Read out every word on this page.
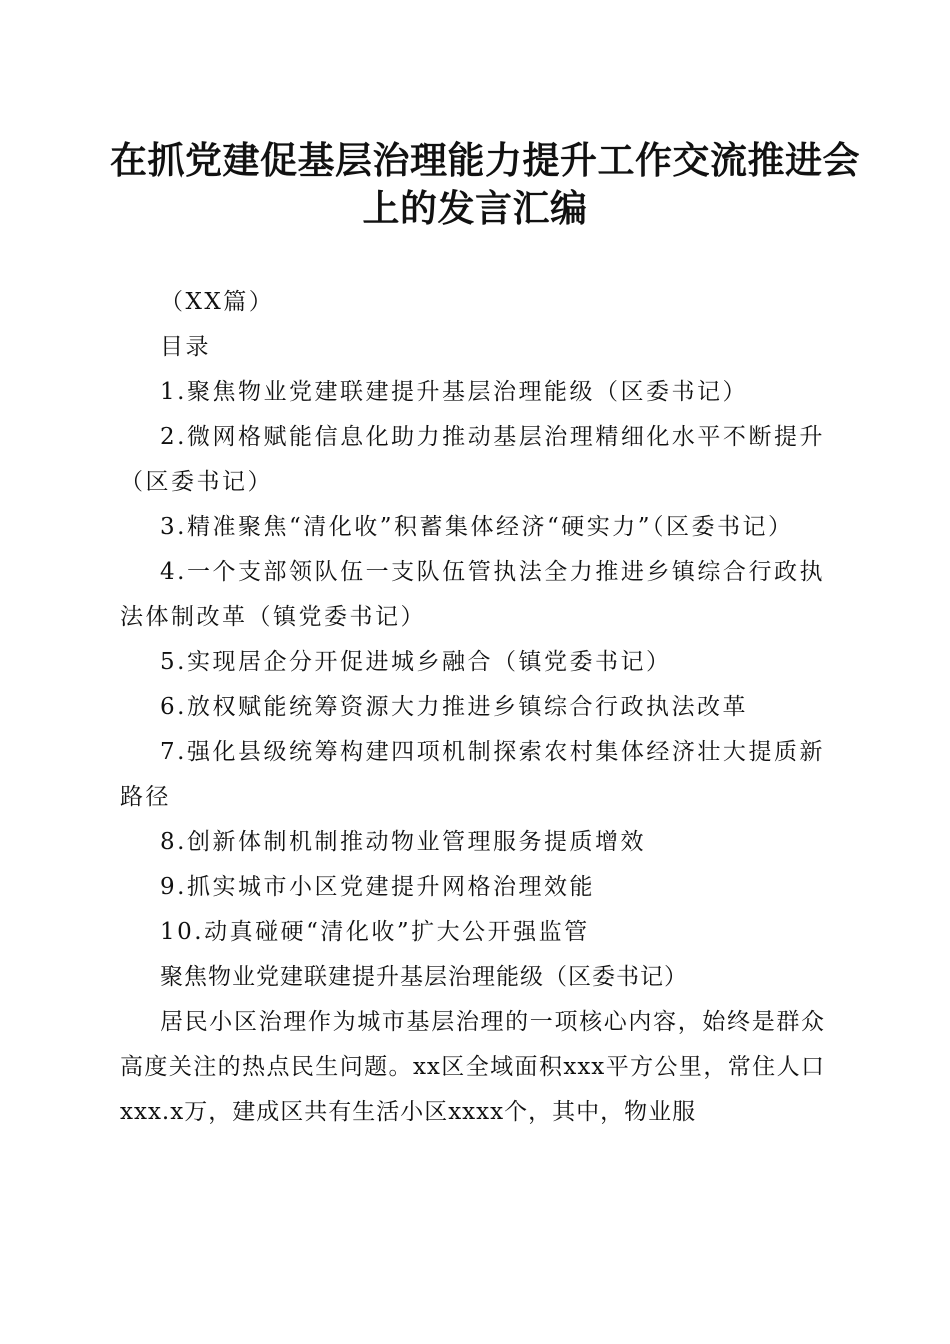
在抓党建促基层治理能力提升工作交流推进会
上的发言汇编

（XX篇）

目录

1.聚焦物业党建联建提升基层治理能级（区委书记）

2.微网格赋能信息化助力推动基层治理精细化水平不断提升（区委书记）

3.精准聚焦“清化收”积蓄集体经济“硬实力”（区委书记）

4.一个支部领队伍一支队伍管执法全力推进乡镇综合行政执法体制改革（镇党委书记）

5.实现居企分开促进城乡融合（镇党委书记）

6.放权赋能统筹资源大力推进乡镇综合行政执法改革

7.强化县级统筹构建四项机制探索农村集体经济壮大提质新路径

8.创新体制机制推动物业管理服务提质增效

9.抓实城市小区党建提升网格治理效能

10.动真碰硬“清化收”扩大公开强监管

聚焦物业党建联建提升基层治理能级（区委书记）

居民小区治理作为城市基层治理的一项核心内容，始终是群众高度关注的热点民生问题。xx区全域面积xxx平方公里，常住人口xxx.x万，建成区共有生活小区xxxx个，其中，物业服
